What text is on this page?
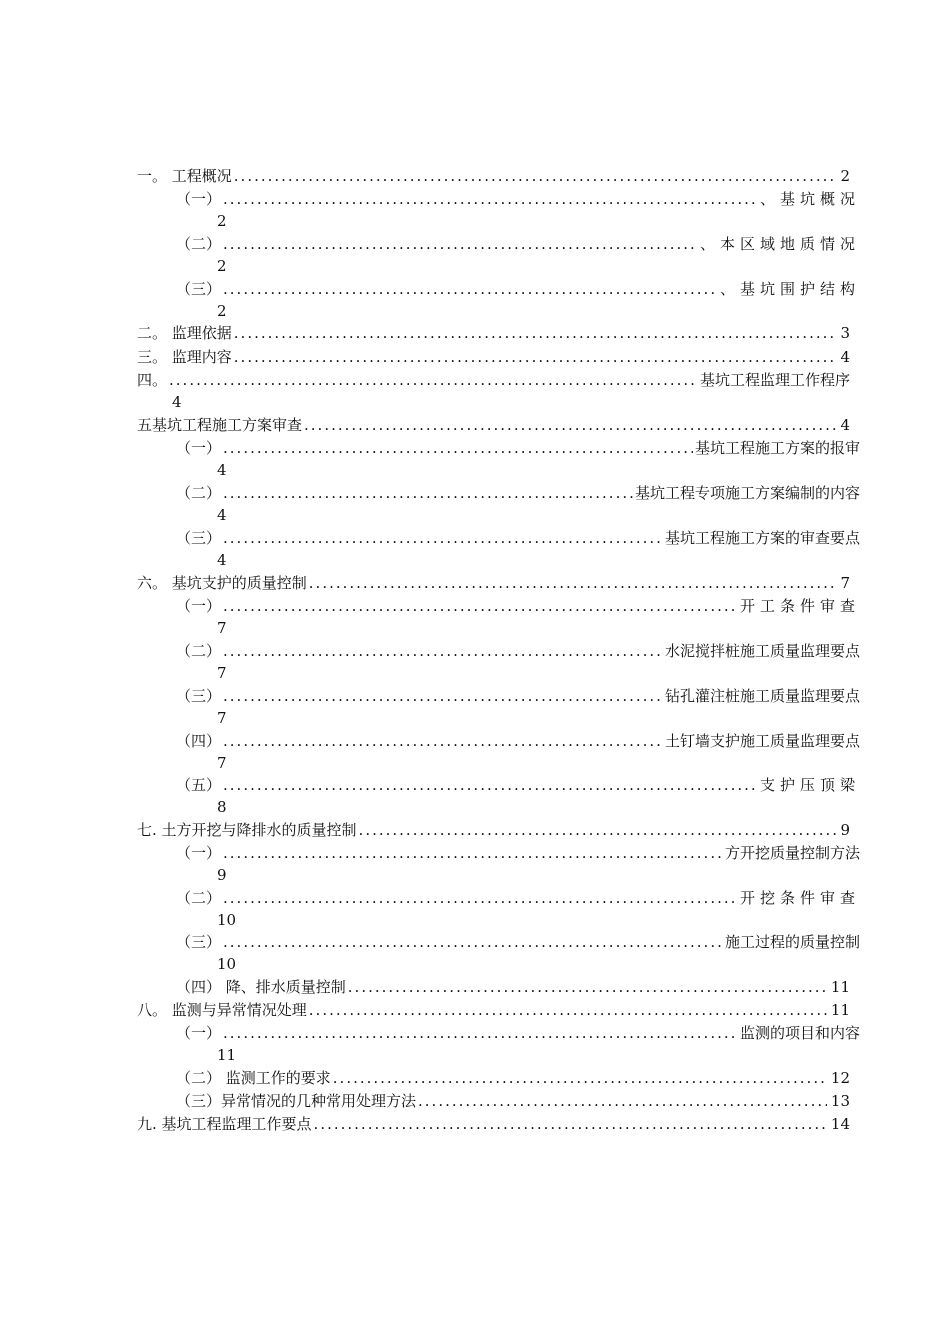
一。 工程概况 .....	2
（一） .....	、基坑概况
2
（二） .....	、本区域地质情况
2
（三） .....	、基坑围护结构
2
二。 监理依据 .....	3
三。 监理内容 .....	4
四。 .....	基坑工程监理工作程序
4
五基坑工程施工方案审查 .....	4
（一） .....	基坑工程施工方案的报审
4
（二） .....	基坑工程专项施工方案编制的内容
4
（三） .....	基坑工程施工方案的审查要点
4
六。 基坑支护的质量控制 .....	7
（一） .....	开工条件审查
7
（二） .....	水泥搅拌桩施工质量监理要点
7
（三） .....	钻孔灌注桩施工质量监理要点
7
（四） .....	土钉墙支护施工质量监理要点
7
（五） .....	支护压顶梁
8
七. 土方开挖与降排水的质量控制 .....	9
（一） .....	方开挖质量控制方法
9
（二） .....	开挖条件审查
10
（三） .....	施工过程的质量控制
10
（四） 降、排水质量控制 .....	11
八。 监测与异常情况处理 .....	11
（一） .....	监测的项目和内容
11
（二） 监测工作的要求 .....	12
（三）异常情况的几种常用处理方法 .....	13
九. 基坑工程监理工作要点 .....	14
